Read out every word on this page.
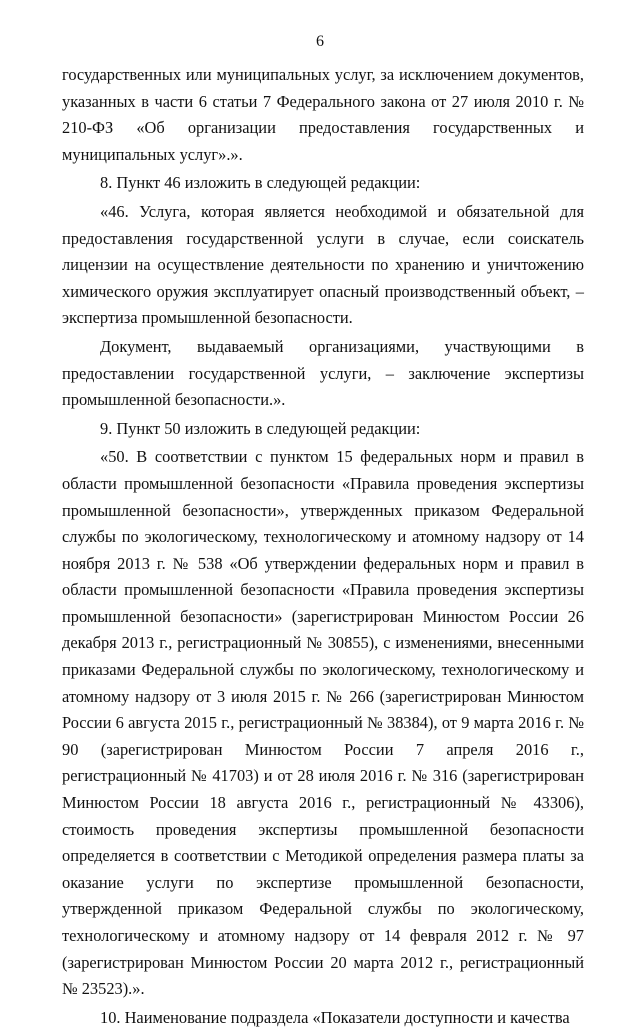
6

государственных или муниципальных услуг, за исключением документов, указанных в части 6 статьи 7 Федерального закона от 27 июля 2010 г. № 210-ФЗ «Об организации предоставления государственных и муниципальных услуг».».

8. Пункт 46 изложить в следующей редакции:

«46. Услуга, которая является необходимой и обязательной для предоставления государственной услуги в случае, если соискатель лицензии на осуществление деятельности по хранению и уничтожению химического оружия эксплуатирует опасный производственный объект, – экспертиза промышленной безопасности.

Документ, выдаваемый организациями, участвующими в предоставлении государственной услуги, – заключение экспертизы промышленной безопасности.».

9. Пункт 50 изложить в следующей редакции:

«50. В соответствии с пунктом 15 федеральных норм и правил в области промышленной безопасности «Правила проведения экспертизы промышленной безопасности», утвержденных приказом Федеральной службы по экологическому, технологическому и атомному надзору от 14 ноября 2013 г. № 538 «Об утверждении федеральных норм и правил в области промышленной безопасности «Правила проведения экспертизы промышленной безопасности» (зарегистрирован Минюстом России 26 декабря 2013 г., регистрационный № 30855), с изменениями, внесенными приказами Федеральной службы по экологическому, технологическому и атомному надзору от 3 июля 2015 г. № 266 (зарегистрирован Минюстом России 6 августа 2015 г., регистрационный № 38384), от 9 марта 2016 г. № 90 (зарегистрирован Минюстом России 7 апреля 2016 г., регистрационный № 41703) и от 28 июля 2016 г. № 316 (зарегистрирован Минюстом России 18 августа 2016 г., регистрационный № 43306), стоимость проведения экспертизы промышленной безопасности определяется в соответствии с Методикой определения размера платы за оказание услуги по экспертизе промышленной безопасности, утвержденной приказом Федеральной службы по экологическому, технологическому и атомному надзору от 14 февраля 2012 г. № 97 (зарегистрирован Минюстом России 20 марта 2012 г., регистрационный № 23523).».

10. Наименование подраздела «Показатели доступности и качества
